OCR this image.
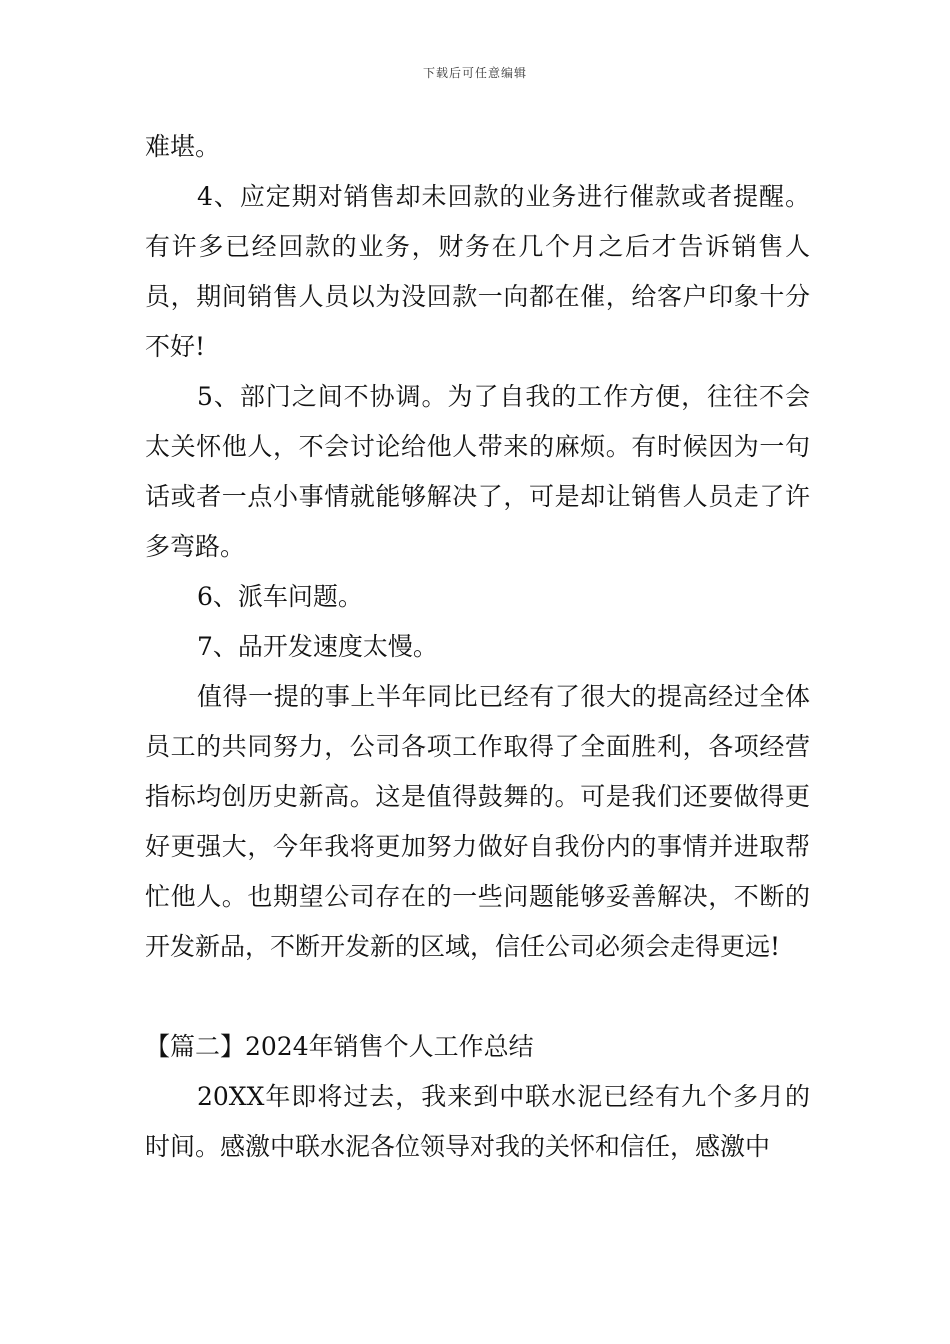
下载后可任意编辑

难堪。

4、应定期对销售却未回款的业务进行催款或者提醒。有许多已经回款的业务，财务在几个月之后才告诉销售人员，期间销售人员以为没回款一向都在催，给客户印象十分不好!

5、部门之间不协调。为了自我的工作方便，往往不会太关怀他人，不会讨论给他人带来的麻烦。有时候因为一句话或者一点小事情就能够解决了，可是却让销售人员走了许多弯路。

6、派车问题。

7、品开发速度太慢。

值得一提的事上半年同比已经有了很大的提高经过全体员工的共同努力，公司各项工作取得了全面胜利，各项经营指标均创历史新高。这是值得鼓舞的。可是我们还要做得更好更强大，今年我将更加努力做好自我份内的事情并进取帮忙他人。也期望公司存在的一些问题能够妥善解决，不断的开发新品，不断开发新的区域，信任公司必须会走得更远!

【篇二】2024年销售个人工作总结

20XX年即将过去，我来到中联水泥已经有九个多月的时间。感激中联水泥各位领导对我的关怀和信任，感激中
